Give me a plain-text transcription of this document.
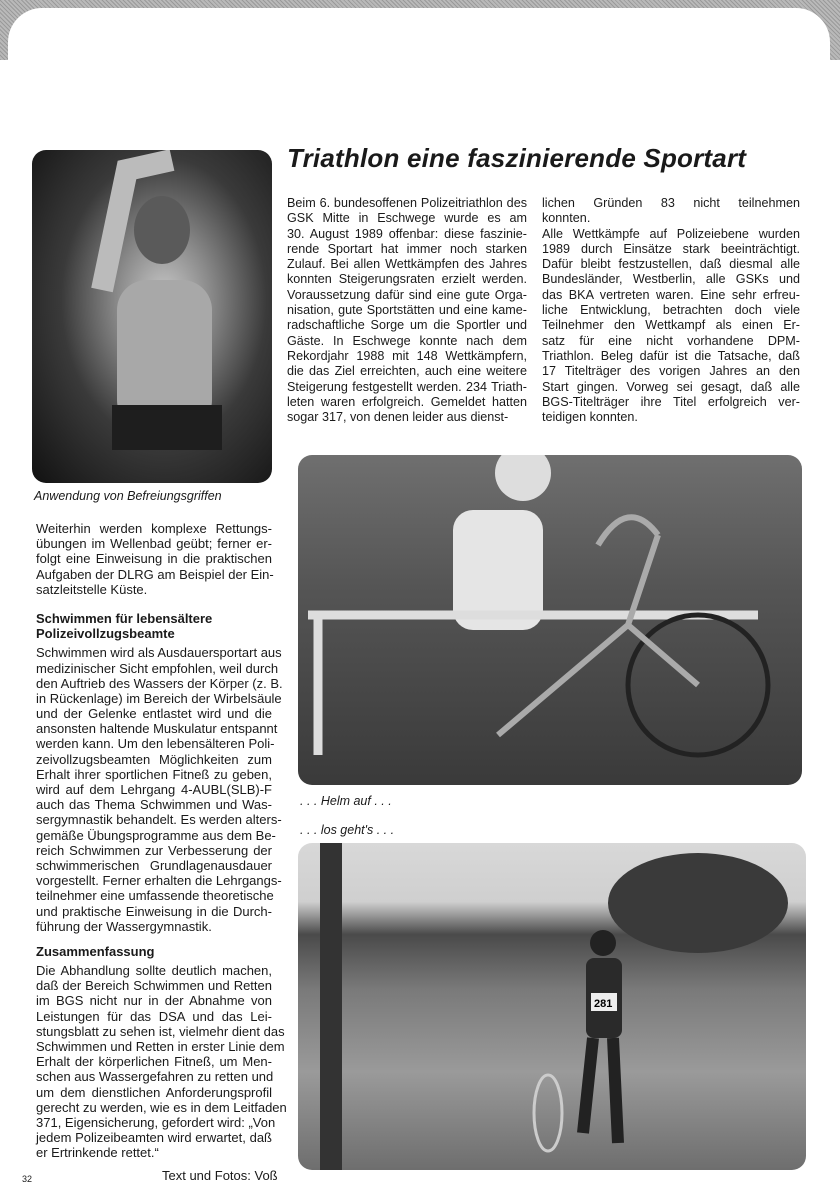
Anwendung von Befreiungsgriffen
Triathlon eine faszinierende Sportart
Beim 6. bundesoffenen Polizeitriathlon des
GSK Mitte in Eschwege wurde es am
30. August 1989 offenbar: diese faszinie-
rende Sportart hat immer noch starken
Zulauf. Bei allen Wettkämpfen des Jahres
konnten Steigerungsraten erzielt werden.
Voraussetzung dafür sind eine gute Orga-
nisation, gute Sportstätten und eine kame-
radschaftliche Sorge um die Sportler und
Gäste. In Eschwege konnte nach dem
Rekordjahr 1988 mit 148 Wettkämpfern,
die das Ziel erreichten, auch eine weitere
Steigerung festgestellt werden. 234 Triath-
leten waren erfolgreich. Gemeldet hatten
sogar 317, von denen leider aus dienst-
lichen Gründen 83 nicht teilnehmen
konnten.
Alle Wettkämpfe auf Polizeiebene wurden
1989 durch Einsätze stark beeinträchtigt.
Dafür bleibt festzustellen, daß diesmal alle
Bundesländer, Westberlin, alle GSKs und
das BKA vertreten waren. Eine sehr erfreu-
liche Entwicklung, betrachten doch viele
Teilnehmer den Wettkampf als einen Er-
satz für eine nicht vorhandene DPM-
Triathlon. Beleg dafür ist die Tatsache, daß
17 Titelträger des vorigen Jahres an den
Start gingen. Vorweg sei gesagt, daß alle
BGS-Titelträger ihre Titel erfolgreich ver-
teidigen konnten.
. . . Helm auf . . .
. . . los geht's . . .
281
Weiterhin werden komplexe Rettungs-
übungen im Wellenbad geübt; ferner er-
folgt eine Einweisung in die praktischen
Aufgaben der DLRG am Beispiel der Ein-
satzleitstelle Küste.
Schwimmen für lebensältere
Polizeivollzugsbeamte
Schwimmen wird als Ausdauersportart aus
medizinischer Sicht empfohlen, weil durch
den Auftrieb des Wassers der Körper (z. B.
in Rückenlage) im Bereich der Wirbelsäule
und der Gelenke entlastet wird und die
ansonsten haltende Muskulatur entspannt
werden kann. Um den lebensälteren Poli-
zeivollzugsbeamten Möglichkeiten zum
Erhalt ihrer sportlichen Fitneß zu geben,
wird auf dem Lehrgang 4-AUBL(SLB)-F
auch das Thema Schwimmen und Was-
sergymnastik behandelt. Es werden alters-
gemäße Übungsprogramme aus dem Be-
reich Schwimmen zur Verbesserung der
schwimmerischen Grundlagenausdauer
vorgestellt. Ferner erhalten die Lehrgangs-
teilnehmer eine umfassende theoretische
und praktische Einweisung in die Durch-
führung der Wassergymnastik.
Zusammenfassung
Die Abhandlung sollte deutlich machen,
daß der Bereich Schwimmen und Retten
im BGS nicht nur in der Abnahme von
Leistungen für das DSA und das Lei-
stungsblatt zu sehen ist, vielmehr dient das
Schwimmen und Retten in erster Linie dem
Erhalt der körperlichen Fitneß, um Men-
schen aus Wassergefahren zu retten und
um dem dienstlichen Anforderungsprofil
gerecht zu werden, wie es in dem Leitfaden
371, Eigensicherung, gefordert wird: „Von
jedem Polizeibeamten wird erwartet, daß
er Ertrinkende rettet.“
32	Text und Fotos: Voß
